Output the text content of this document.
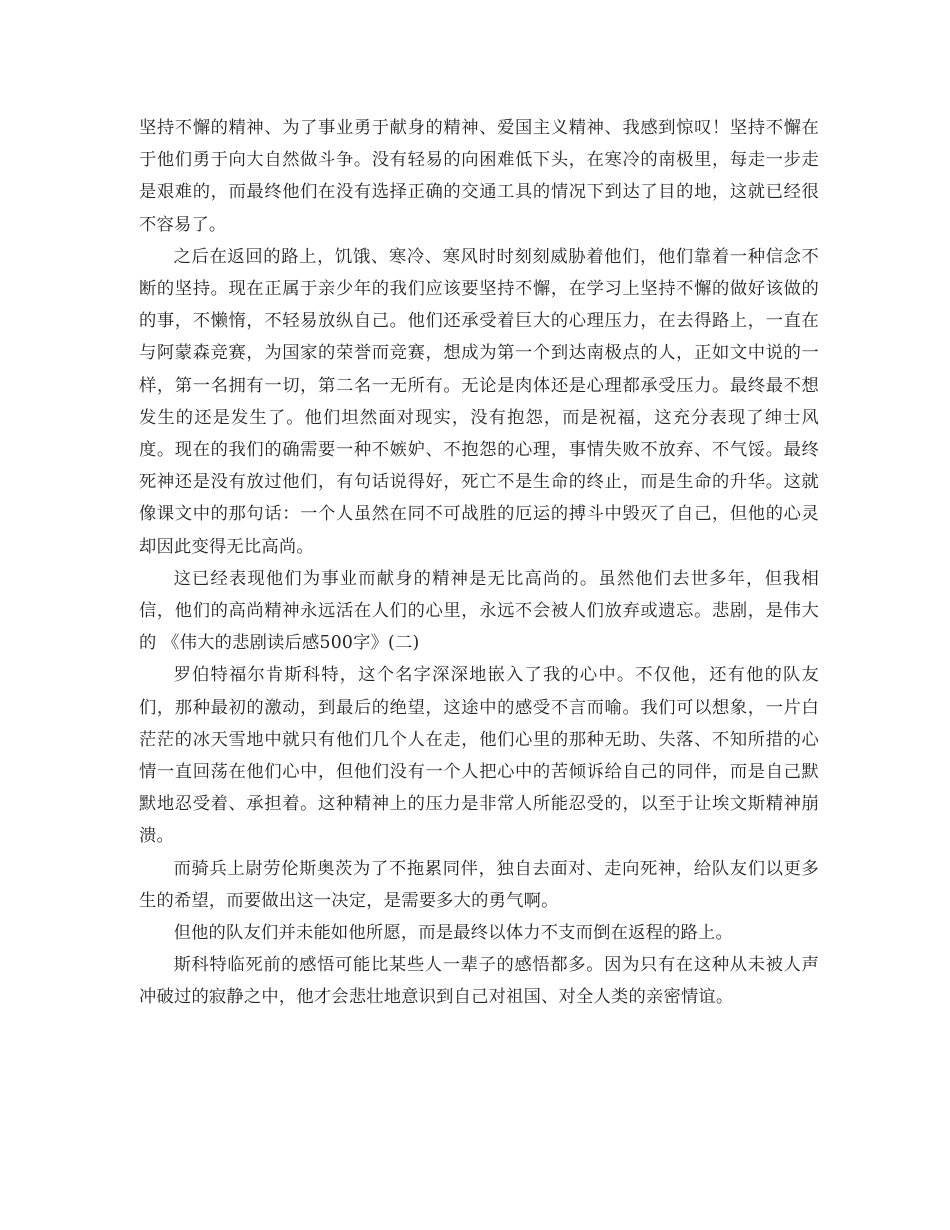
坚持不懈的精神、为了事业勇于献身的精神、爱国主义精神、我感到惊叹！坚持不懈在于他们勇于向大自然做斗争。没有轻易的向困难低下头，在寒冷的南极里，每走一步走是艰难的，而最终他们在没有选择正确的交通工具的情况下到达了目的地，这就已经很不容易了。

之后在返回的路上，饥饿、寒冷、寒风时时刻刻威胁着他们，他们靠着一种信念不断的坚持。现在正属于亲少年的我们应该要坚持不懈，在学习上坚持不懈的做好该做的的事，不懒惰，不轻易放纵自己。他们还承受着巨大的心理压力，在去得路上，一直在与阿蒙森竞赛，为国家的荣誉而竞赛，想成为第一个到达南极点的人，正如文中说的一样，第一名拥有一切，第二名一无所有。无论是肉体还是心理都承受压力。最终最不想发生的还是发生了。他们坦然面对现实，没有抱怨，而是祝福，这充分表现了绅士风度。现在的我们的确需要一种不嫉妒、不抱怨的心理，事情失败不放弃、不气馁。最终死神还是没有放过他们，有句话说得好，死亡不是生命的终止，而是生命的升华。这就像课文中的那句话：一个人虽然在同不可战胜的厄运的搏斗中毁灭了自己，但他的心灵却因此变得无比高尚。

这已经表现他们为事业而献身的精神是无比高尚的。虽然他们去世多年，但我相信，他们的高尚精神永远活在人们的心里，永远不会被人们放弃或遗忘。悲剧，是伟大的 《伟大的悲剧读后感500字》(二)

罗伯特福尔肯斯科特，这个名字深深地嵌入了我的心中。不仅他，还有他的队友们，那种最初的激动，到最后的绝望，这途中的感受不言而喻。我们可以想象，一片白茫茫的冰天雪地中就只有他们几个人在走，他们心里的那种无助、失落、不知所措的心情一直回荡在他们心中，但他们没有一个人把心中的苦倾诉给自己的同伴，而是自己默默地忍受着、承担着。这种精神上的压力是非常人所能忍受的，以至于让埃文斯精神崩溃。

而骑兵上尉劳伦斯奥茨为了不拖累同伴，独自去面对、走向死神，给队友们以更多生的希望，而要做出这一决定，是需要多大的勇气啊。

但他的队友们并未能如他所愿，而是最终以体力不支而倒在返程的路上。

斯科特临死前的感悟可能比某些人一辈子的感悟都多。因为只有在这种从未被人声冲破过的寂静之中，他才会悲壮地意识到自己对祖国、对全人类的亲密情谊。
